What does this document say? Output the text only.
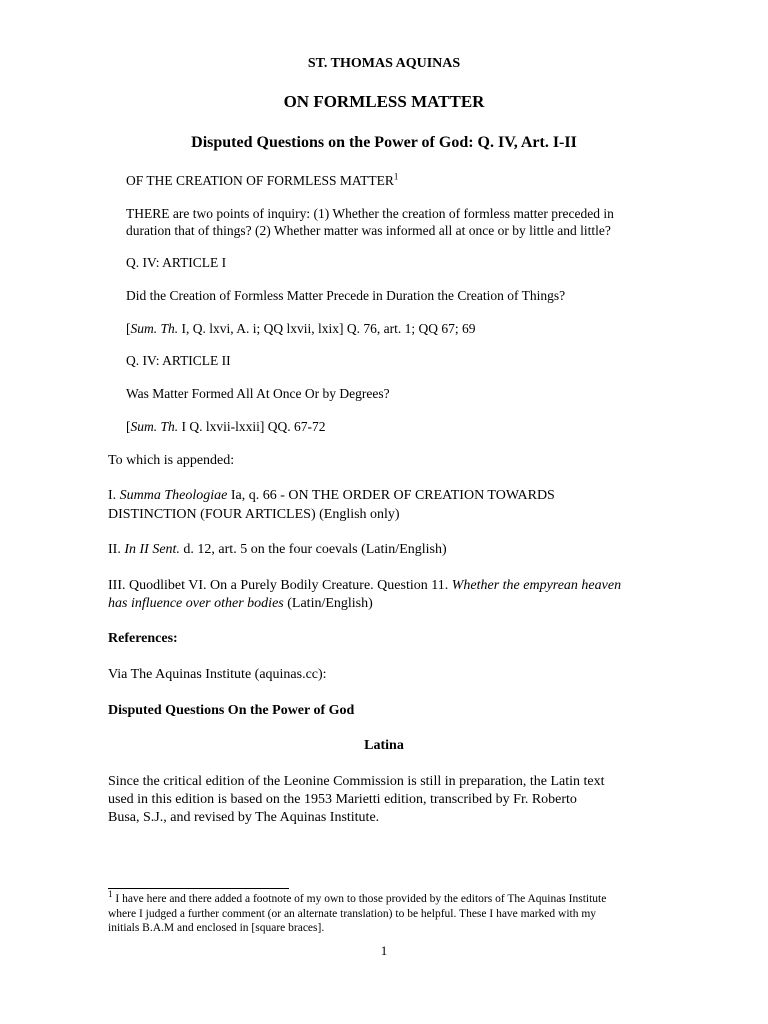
ST. THOMAS AQUINAS

ON FORMLESS MATTER

Disputed Questions on the Power of God: Q. IV, Art. I-II

OF THE CREATION OF FORMLESS MATTER$^1$

THERE are two points of inquiry: (1) Whether the creation of formless matter preceded in

duration that of things? (2) Whether matter was informed all at once or by little and little?

Q. IV: ARTICLE I

Did the Creation of Formless Matter Precede in Duration the Creation of Things?

[Sum. Th. I, Q. lxvi, A. i; QQ lxvii, lxix] Q. 76, art. 1; QQ 67; 69

Q. IV: ARTICLE II

Was Matter Formed All At Once Or by Degrees?

[Sum. Th. I Q. lxvii-lxxii] QQ. 67-72

To which is appended:

I. Summa Theologiae Ia, q. 66 - ON THE ORDER OF CREATION TOWARDS

DISTINCTION (FOUR ARTICLES) (English only)

II. In II Sent. d. 12, art. 5 on the four coevals (Latin/English)

III. Quodlibet VI. On a Purely Bodily Creature. Question 11. Whether the empyrean heaven

has influence over other bodies (Latin/English)

References:

Via The Aquinas Institute (aquinas.cc):

Disputed Questions On the Power of God

Latina

Since the critical edition of the Leonine Commission is still in preparation, the Latin text

used in this edition is based on the 1953 Marietti edition, transcribed by Fr. Roberto

Busa, S.J., and revised by The Aquinas Institute.

$^1$ I have here and there added a footnote of my own to those provided by the editors of The Aquinas Institute
where I judged a further comment (or an alternate translation) to be helpful. These I have marked with my
initials B.A.M and enclosed in [square braces].

1
